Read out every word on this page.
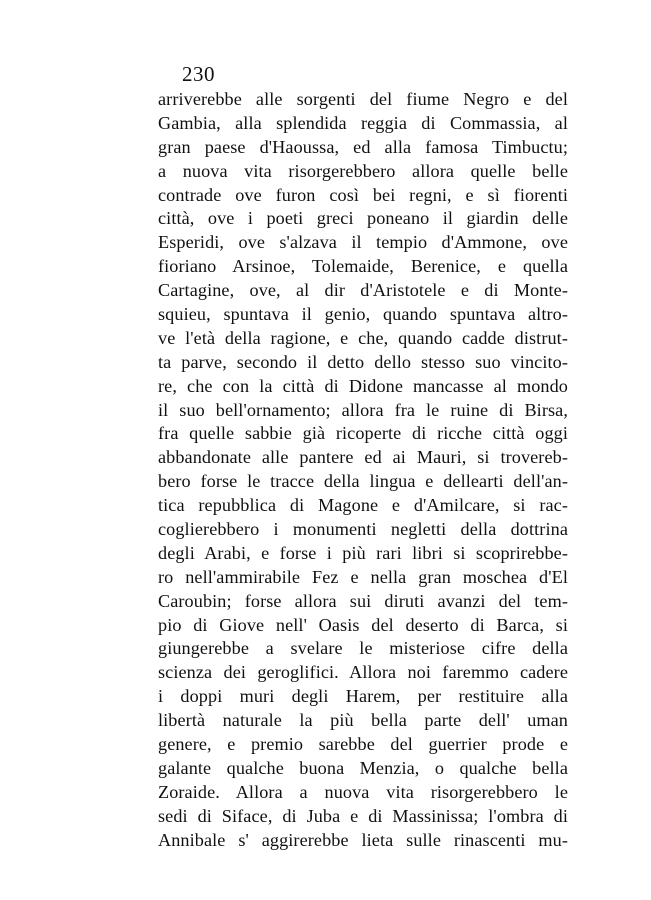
230
arriverebbe alle sorgenti del fiume Negro e del
Gambia, alla splendida reggia di Commassia, al
gran paese d'Haoussa, ed alla famosa Timbuctu;
a nuova vita risorgerebbero allora quelle belle
contrade ove furon così bei regni, e sì fiorenti
città, ove i poeti greci poneano il giardin delle
Esperidi, ove s'alzava il tempio d'Ammone, ove
fioriano Arsinoe, Tolemaide, Berenice, e quella
Cartagine, ove, al dir d'Aristotele e di Monte-
squieu, spuntava il genio, quando spuntava altro-
ve l'età della ragione, e che, quando cadde distrut-
ta parve, secondo il detto dello stesso suo vincito-
re, che con la città di Didone mancasse al mondo
il suo bell'ornamento; allora fra le ruine di Birsa,
fra quelle sabbie già ricoperte di ricche città oggi
abbandonate alle pantere ed ai Mauri, si trovereb-
bero forse le tracce della lingua e dellearti dell'an-
tica repubblica di Magone e d'Amilcare, si rac-
coglierebbero i monumenti negletti della dottrina
degli Arabi, e forse i più rari libri si scoprirebbe-
ro nell'ammirabile Fez e nella gran moschea d'El
Caroubin; forse allora sui diruti avanzi del tem-
pio di Giove nell' Oasis del deserto di Barca, si
giungerebbe a svelare le misteriose cifre della
scienza dei geroglifici. Allora noi faremmo cadere
i doppi muri degli Harem, per restituire alla
libertà naturale la più bella parte dell' uman
genere, e premio sarebbe del guerrier prode e
galante qualche buona Menzia, o qualche bella
Zoraide. Allora a nuova vita risorgerebbero le
sedi di Siface, di Juba e di Massinissa; l'ombra di
Annibale s' aggirerebbe lieta sulle rinascenti mu-
